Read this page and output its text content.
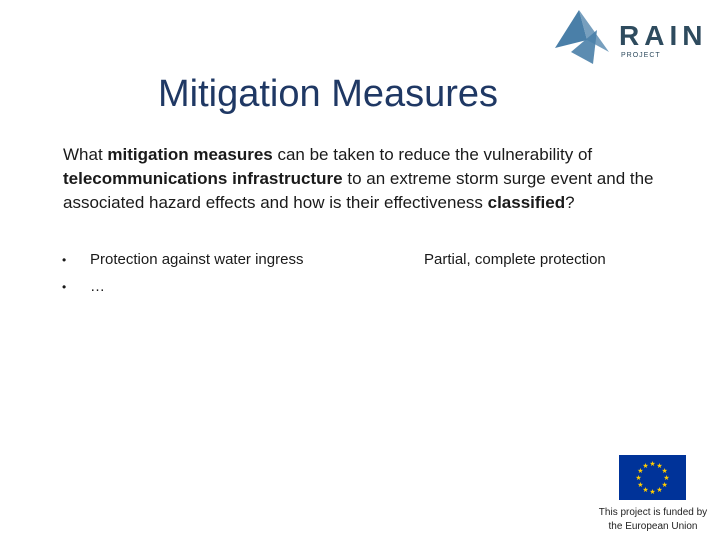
RAIN
PROJECT
Mitigation Measures
What mitigation measures can be taken to reduce the vulnerability of telecommunications infrastructure to an extreme storm surge event and the associated hazard effects and how is their effectiveness classified?
• Protection against water ingress
• …
Partial, complete protection
★ ★
★
★
★
★
★
★
★
★
★
★
This project is funded by
the European Union
